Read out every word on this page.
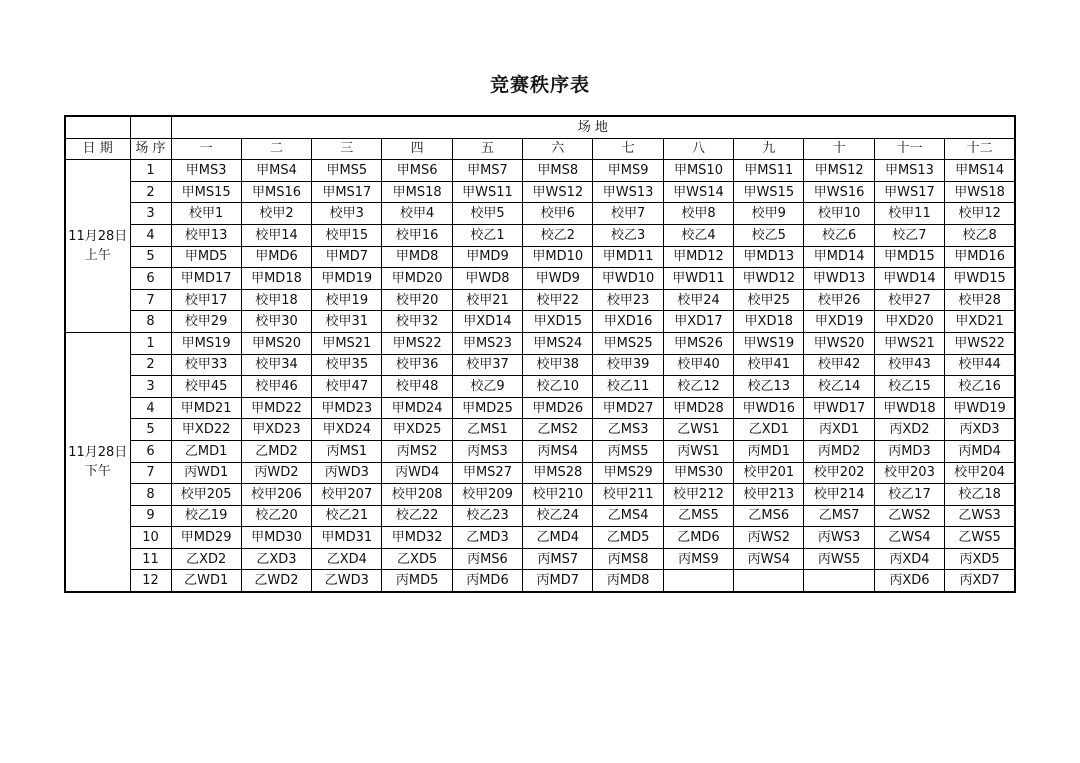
竞赛秩序表
		场 地											
日 期	场 序	一	二	三	四	五	六	七	八	九	十	十一	十二

11月28日
上午	1	甲MS3	甲MS4	甲MS5	甲MS6	甲MS7	甲MS8	甲MS9	甲MS10	甲MS11	甲MS12	甲MS13	甲MS14
	2	甲MS15	甲MS16	甲MS17	甲MS18	甲WS11	甲WS12	甲WS13	甲WS14	甲WS15	甲WS16	甲WS17	甲WS18
	3	校甲1	校甲2	校甲3	校甲4	校甲5	校甲6	校甲7	校甲8	校甲9	校甲10	校甲11	校甲12
	4	校甲13	校甲14	校甲15	校甲16	校乙1	校乙2	校乙3	校乙4	校乙5	校乙6	校乙7	校乙8
	5	甲MD5	甲MD6	甲MD7	甲MD8	甲MD9	甲MD10	甲MD11	甲MD12	甲MD13	甲MD14	甲MD15	甲MD16
	6	甲MD17	甲MD18	甲MD19	甲MD20	甲WD8	甲WD9	甲WD10	甲WD11	甲WD12	甲WD13	甲WD14	甲WD15
	7	校甲17	校甲18	校甲19	校甲20	校甲21	校甲22	校甲23	校甲24	校甲25	校甲26	校甲27	校甲28
	8	校甲29	校甲30	校甲31	校甲32	甲XD14	甲XD15	甲XD16	甲XD17	甲XD18	甲XD19	甲XD20	甲XD21

11月28日
下午	1	甲MS19	甲MS20	甲MS21	甲MS22	甲MS23	甲MS24	甲MS25	甲MS26	甲WS19	甲WS20	甲WS21	甲WS22
	2	校甲33	校甲34	校甲35	校甲36	校甲37	校甲38	校甲39	校甲40	校甲41	校甲42	校甲43	校甲44
	3	校甲45	校甲46	校甲47	校甲48	校乙9	校乙10	校乙11	校乙12	校乙13	校乙14	校乙15	校乙16
	4	甲MD21	甲MD22	甲MD23	甲MD24	甲MD25	甲MD26	甲MD27	甲MD28	甲WD16	甲WD17	甲WD18	甲WD19
	5	甲XD22	甲XD23	甲XD24	甲XD25	乙MS1	乙MS2	乙MS3	乙WS1	乙XD1	丙XD1	丙XD2	丙XD3
	6	乙MD1	乙MD2	丙MS1	丙MS2	丙MS3	丙MS4	丙MS5	丙WS1	丙MD1	丙MD2	丙MD3	丙MD4
	7	丙WD1	丙WD2	丙WD3	丙WD4	甲MS27	甲MS28	甲MS29	甲MS30	校甲201	校甲202	校甲203	校甲204
	8	校甲205	校甲206	校甲207	校甲208	校甲209	校甲210	校甲211	校甲212	校甲213	校甲214	校乙17	校乙18
	9	校乙19	校乙20	校乙21	校乙22	校乙23	校乙24	乙MS4	乙MS5	乙MS6	乙MS7	乙WS2	乙WS3
	10	甲MD29	甲MD30	甲MD31	甲MD32	乙MD3	乙MD4	乙MD5	乙MD6	丙WS2	丙WS3	乙WS4	乙WS5
	11	乙XD2	乙XD3	乙XD4	乙XD5	丙MS6	丙MS7	丙MS8	丙MS9	丙WS4	丙WS5	丙XD4	丙XD5
	12	乙WD1	乙WD2	乙WD3	丙MD5	丙MD6	丙MD7	丙MD8				丙XD6	丙XD7
